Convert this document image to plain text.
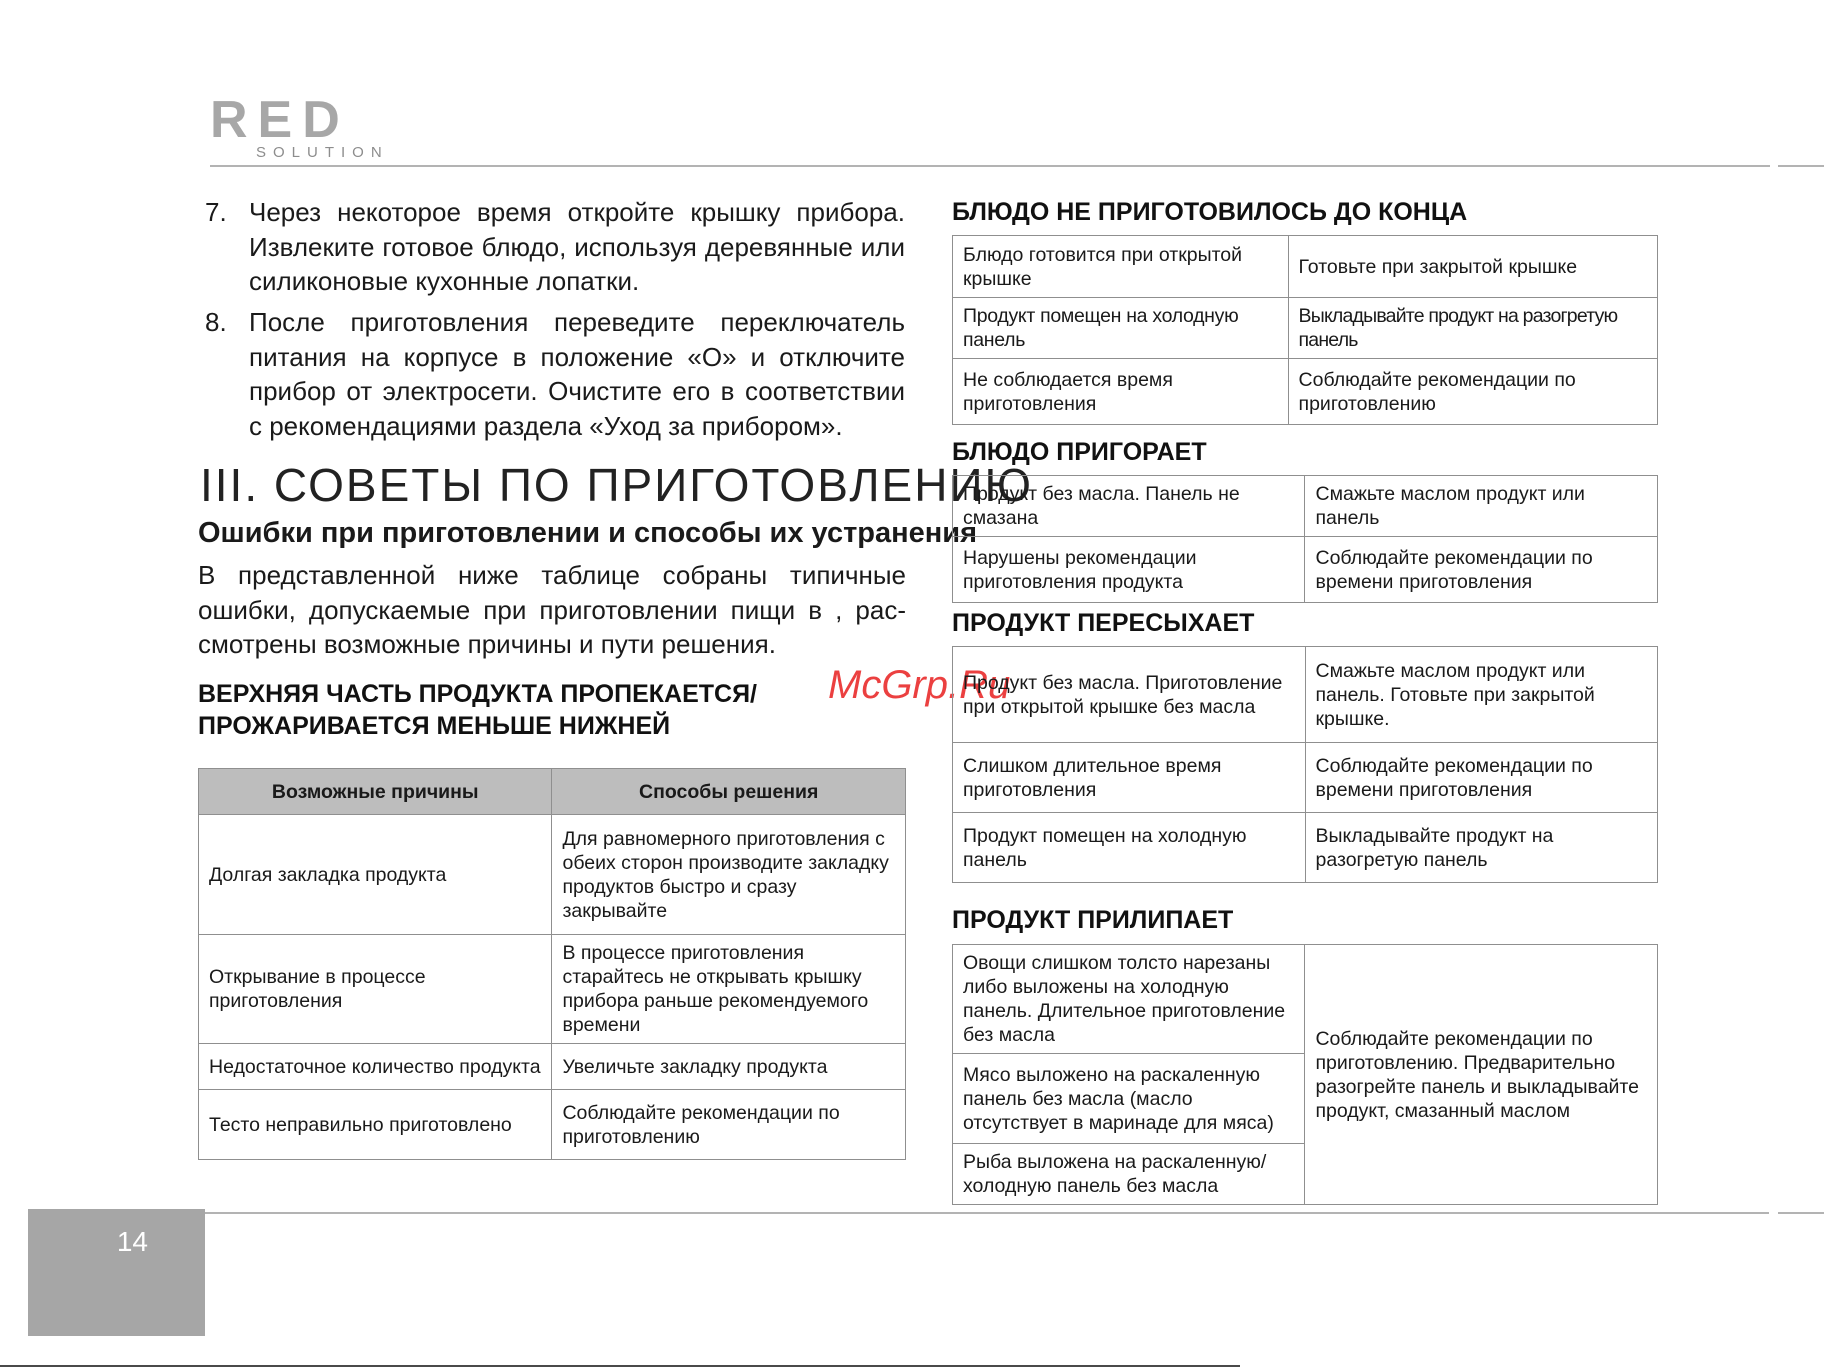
RED
SOLUTION
7. Через некоторое время откройте крышку прибора. Извлеките готовое блюдо, используя деревянные или силиконовые кухонные лопатки.
8. После приготовления переведите переключатель питания на корпусе в положение «О» и отключите прибор от электросети. Очистите его в соответствии с рекомендациями раздела «Уход за прибором».
III. СОВЕТЫ ПО ПРИГОТОВЛЕНИЮ
Ошибки при приготовлении и способы их устранения
В представленной ниже таблице собраны типичные ошибки, допускаемые при приготовлении пищи в , рассмотрены возможные причины и пути решения.
ВЕРХНЯЯ ЧАСТЬ ПРОДУКТА ПРОПЕКАЕТСЯ/ПРОЖАРИВАЕТСЯ МЕНЬШЕ НИЖНЕЙ
McGrp.Ru
Возможные причины	Способы решения
Долгая закладка продукта	Для равномерного приготовления с обеих сторон производите закладку продуктов быстро и сразу закрывайте
Открывание в процессе приготовления	В процессе приготовления старайтесь не открывать крышку прибора раньше рекомендуемого времени
Недостаточное количество продукта	Увеличьте закладку продукта
Тесто неправильно приготовлено	Соблюдайте рекомендации по приготовлению
БЛЮДО НЕ ПРИГОТОВИЛОСЬ ДО КОНЦА
Блюдо готовится при открытой крышке	Готовьте при закрытой крышке
Продукт помещен на холодную панель	Выкладывайте продукт на разогретую панель
Не соблюдается время приготовления	Соблюдайте рекомендации по приготовлению
БЛЮДО ПРИГОРАЕТ
Продукт без масла. Панель не смазана	Смажьте маслом продукт или панель
Нарушены рекомендации приготовления продукта	Соблюдайте рекомендации по времени приготовления
ПРОДУКТ ПЕРЕСЫХАЕТ
Продукт без масла. Приготовление при открытой крышке без масла	Смажьте маслом продукт или панель. Готовьте при закрытой крышке.
Слишком длительное время приготовления	Соблюдайте рекомендации по времени приготовления
Продукт помещен на холодную панель	Выкладывайте продукт на разогретую панель
ПРОДУКТ ПРИЛИПАЕТ
Овощи слишком толсто нарезаны либо выложены на холодную панель. Длительное приготовление без масла	Соблюдайте рекомендации по приготовлению. Предварительно разогрейте панель и выкладывайте продукт, смазанный маслом
Мясо выложено на раскаленную панель без масла (масло отсутствует в маринаде для мяса)
Рыба выложена на раскаленную/холодную панель без масла
14
